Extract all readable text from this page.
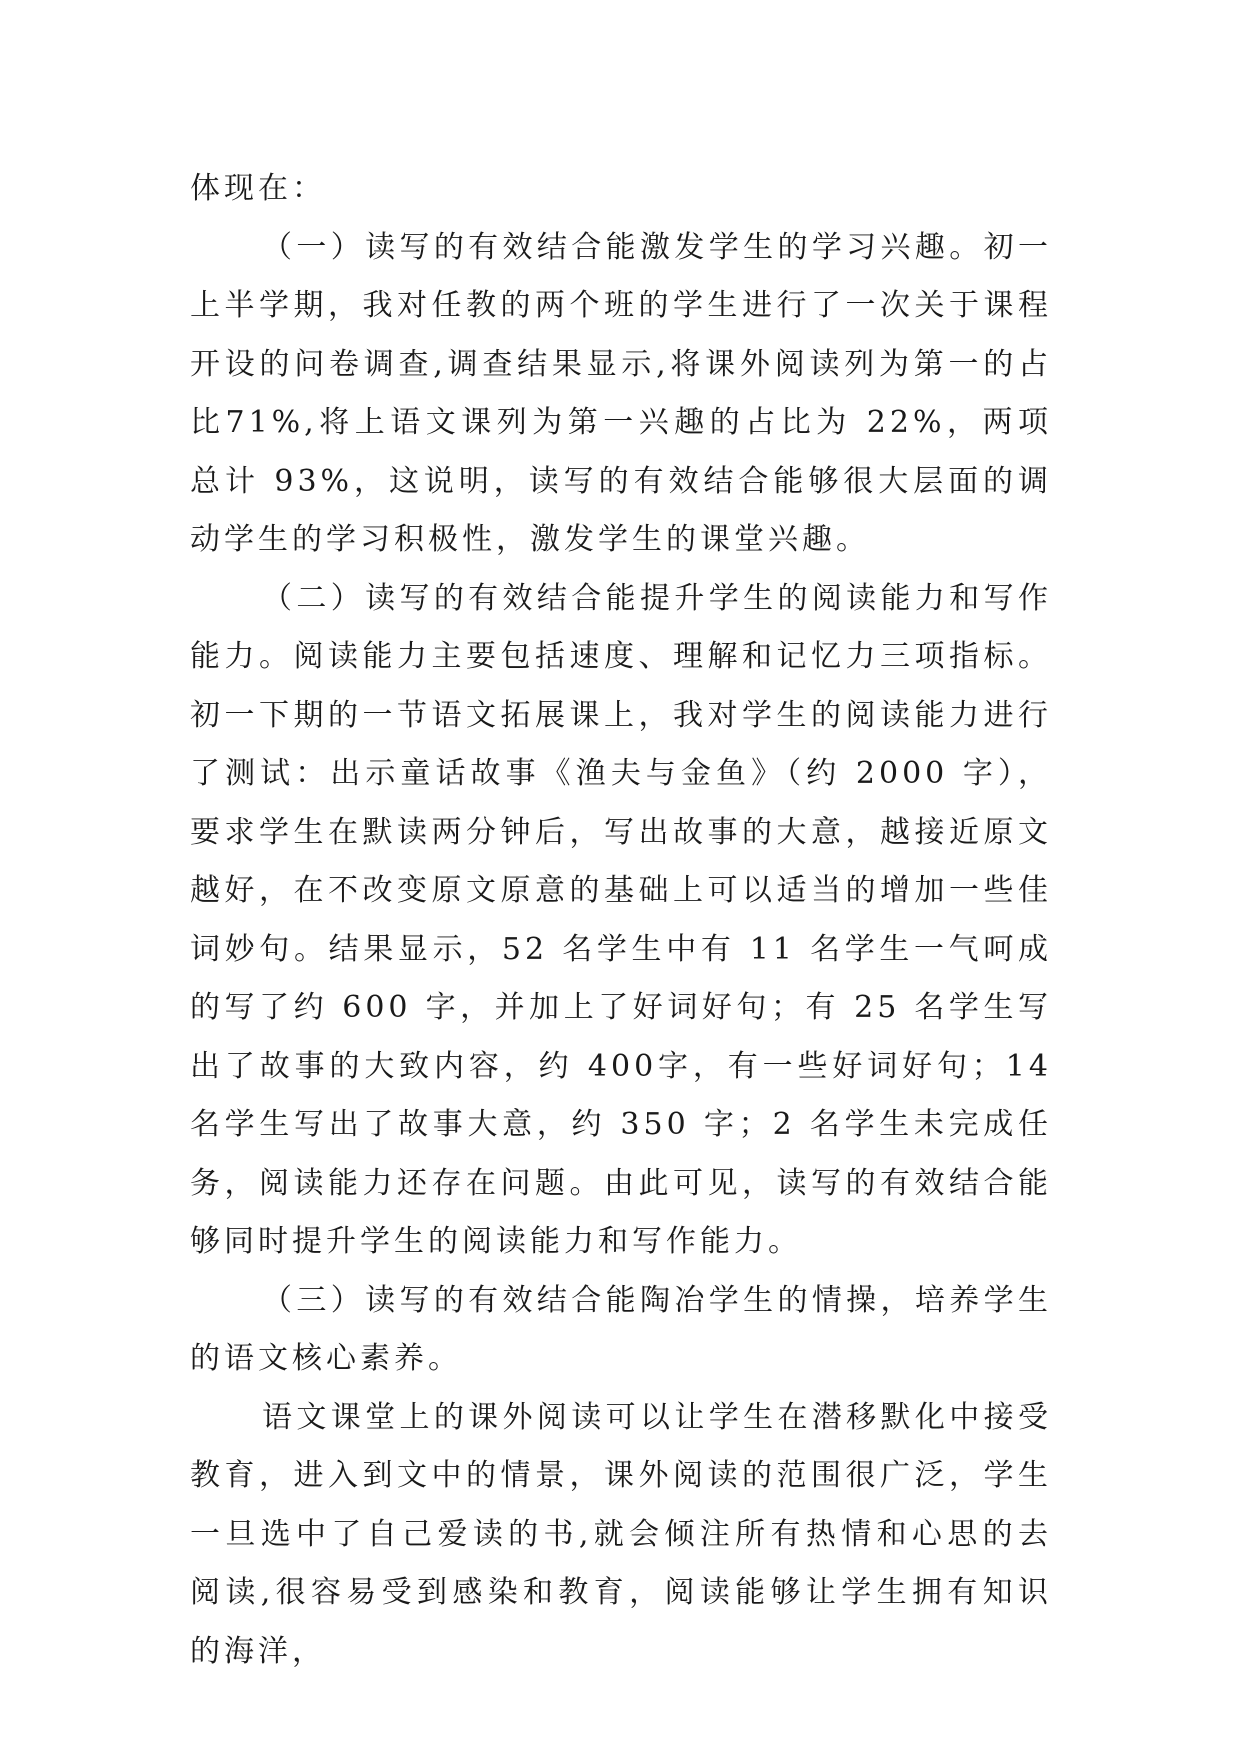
体现在：

（一）读写的有效结合能激发学生的学习兴趣。初一上半学期，我对任教的两个班的学生进行了一次关于课程开设的问卷调查,调查结果显示,将课外阅读列为第一的占比71%,将上语文课列为第一兴趣的占比为 22%，两项总计 93%，这说明，读写的有效结合能够很大层面的调动学生的学习积极性，激发学生的课堂兴趣。

（二）读写的有效结合能提升学生的阅读能力和写作能力。阅读能力主要包括速度、理解和记忆力三项指标。初一下期的一节语文拓展课上，我对学生的阅读能力进行了测试：出示童话故事《渔夫与金鱼》（约 2000 字），要求学生在默读两分钟后，写出故事的大意，越接近原文越好，在不改变原文原意的基础上可以适当的增加一些佳词妙句。结果显示，52 名学生中有 11 名学生一气呵成的写了约 600 字，并加上了好词好句；有 25 名学生写出了故事的大致内容，约 400字，有一些好词好句；14 名学生写出了故事大意，约 350 字；2 名学生未完成任务，阅读能力还存在问题。由此可见，读写的有效结合能够同时提升学生的阅读能力和写作能力。

（三）读写的有效结合能陶冶学生的情操，培养学生的语文核心素养。

语文课堂上的课外阅读可以让学生在潜移默化中接受教育，进入到文中的情景，课外阅读的范围很广泛，学生一旦选中了自己爱读的书,就会倾注所有热情和心思的去阅读,很容易受到感染和教育，阅读能够让学生拥有知识的海洋，
